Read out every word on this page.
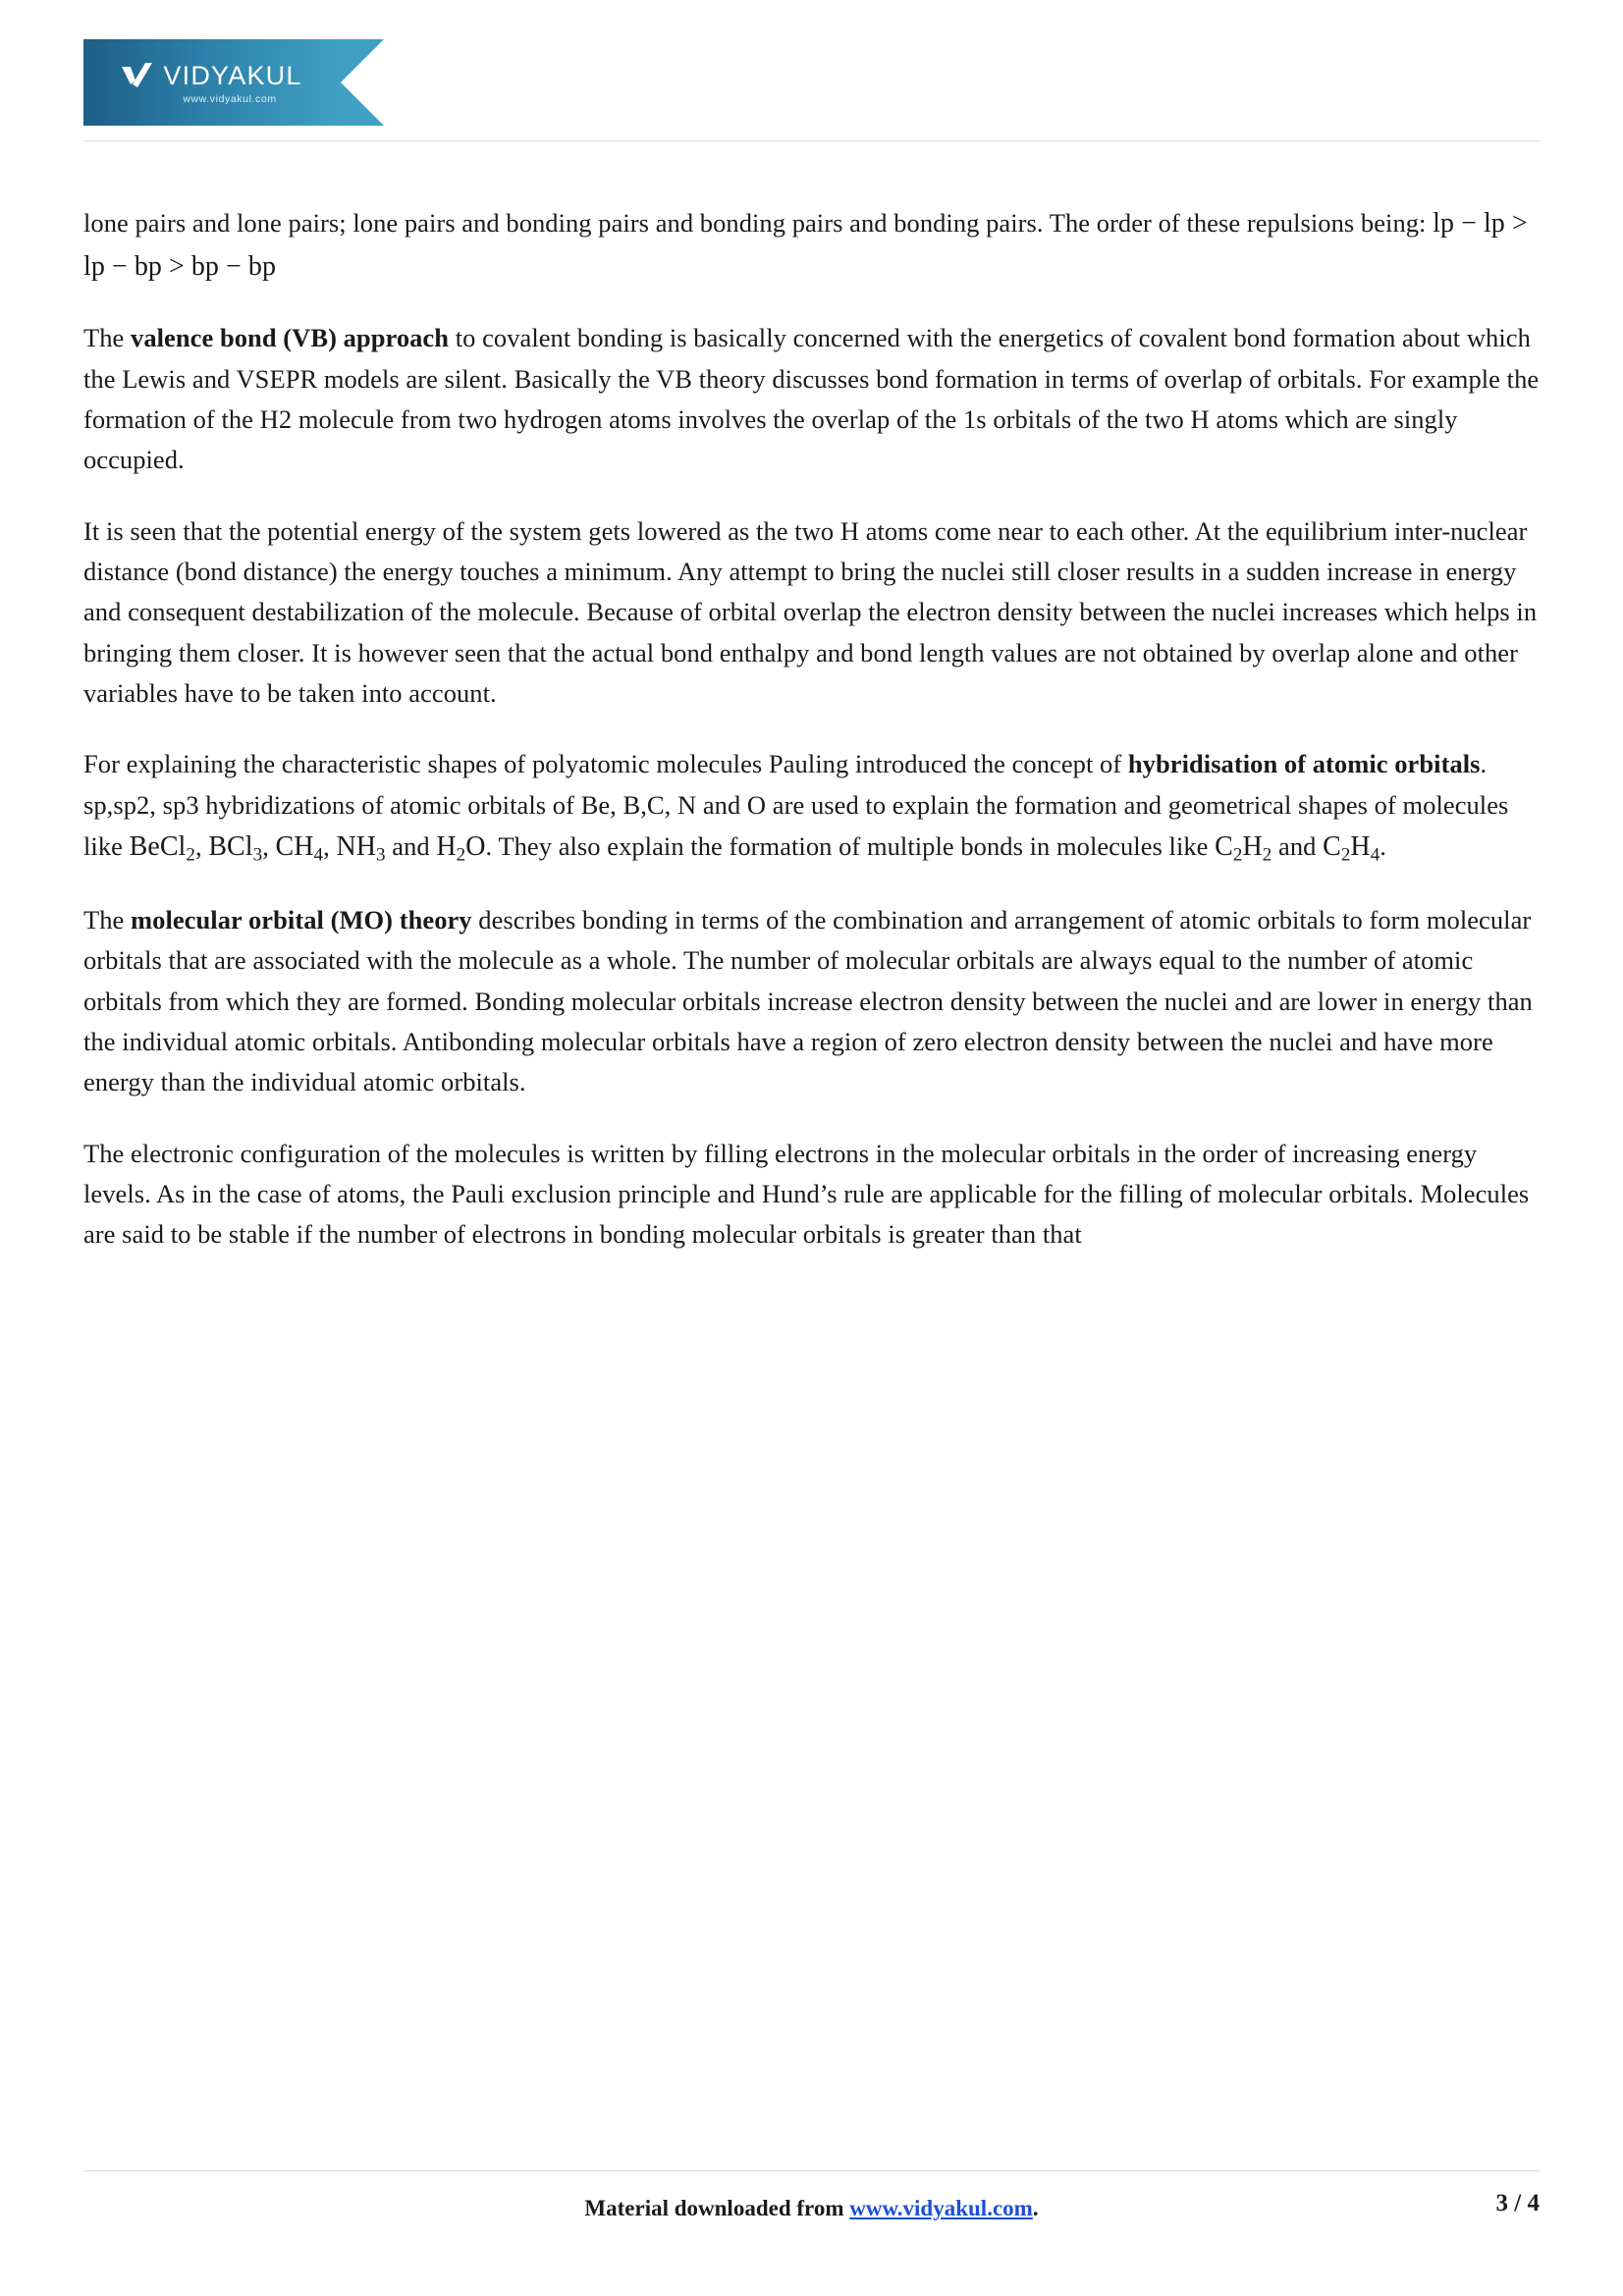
VIDYAKUL
www.vidyakul.com

lone pairs and lone pairs; lone pairs and bonding pairs and bonding pairs and bonding pairs. The order of these repulsions being: lp − lp > lp − bp > bp − bp

The valence bond (VB) approach to covalent bonding is basically concerned with the energetics of covalent bond formation about which the Lewis and VSEPR models are silent. Basically the VB theory discusses bond formation in terms of overlap of orbitals. For example the formation of the H2 molecule from two hydrogen atoms involves the overlap of the 1s orbitals of the two H atoms which are singly occupied.

It is seen that the potential energy of the system gets lowered as the two H atoms come near to each other. At the equilibrium inter-nuclear distance (bond distance) the energy touches a minimum. Any attempt to bring the nuclei still closer results in a sudden increase in energy and consequent destabilization of the molecule. Because of orbital overlap the electron density between the nuclei increases which helps in bringing them closer. It is however seen that the actual bond enthalpy and bond length values are not obtained by overlap alone and other variables have to be taken into account.

For explaining the characteristic shapes of polyatomic molecules Pauling introduced the concept of hybridisation of atomic orbitals. sp,sp2, sp3 hybridizations of atomic orbitals of Be, B,C, N and O are used to explain the formation and geometrical shapes of molecules like BeCl$_2$, BCl$_3$, $CH_4$, $NH_3$ and $H_2O$. They also explain the formation of multiple bonds in molecules like $C_2H_2$ and $C_2H_4$.

The molecular orbital (MO) theory describes bonding in terms of the combination and arrangement of atomic orbitals to form molecular orbitals that are associated with the molecule as a whole. The number of molecular orbitals are always equal to the number of atomic orbitals from which they are formed. Bonding molecular orbitals increase electron density between the nuclei and are lower in energy than the individual atomic orbitals. Antibonding molecular orbitals have a region of zero electron density between the nuclei and have more energy than the individual atomic orbitals.

The electronic configuration of the molecules is written by filling electrons in the molecular orbitals in the order of increasing energy levels. As in the case of atoms, the Pauli exclusion principle and Hund’s rule are applicable for the filling of molecular orbitals. Molecules are said to be stable if the number of electrons in bonding molecular orbitals is greater than that

Material downloaded from www.vidyakul.com.	3 / 4
